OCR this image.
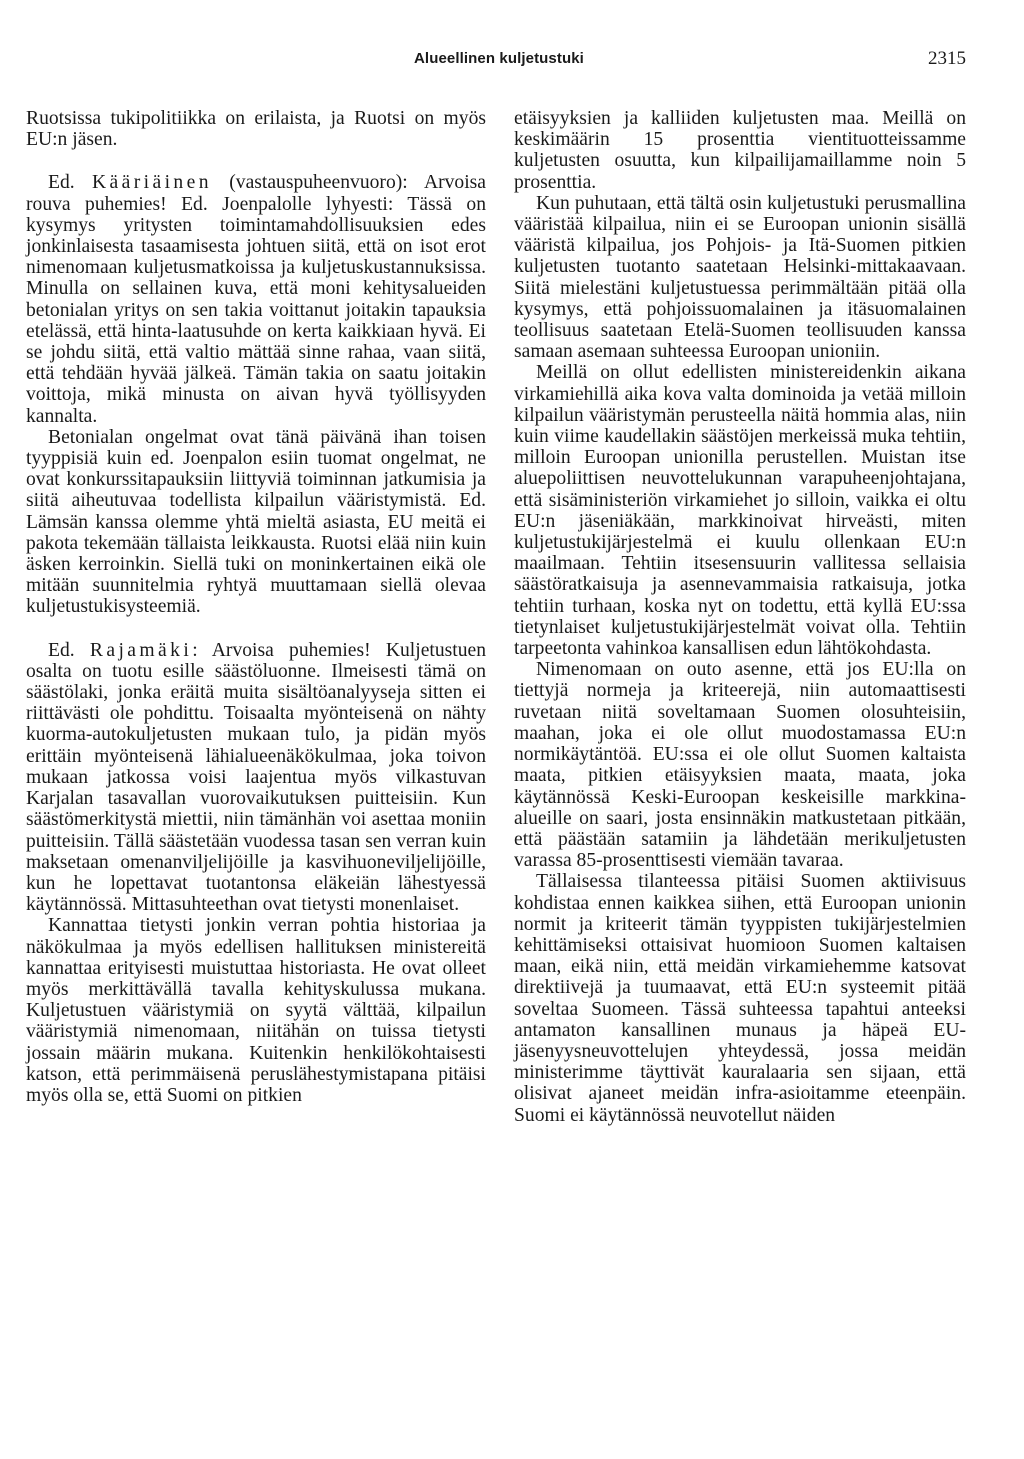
Alueellinen kuljetustuki	2315

Ruotsissa tukipolitiikka on erilaista, ja Ruotsi on myös EU:n jäsen.

Ed. Kääriäinen (vastauspuheenvuoro): Arvoisa rouva puhemies! Ed. Joenpalolle lyhyesti: Tässä on kysymys yritysten toimintamahdollisuuksien edes jonkinlaisesta tasaamisesta johtuen siitä, että on isot erot nimenomaan kuljetusmatkoissa ja kuljetuskustannuksissa. Minulla on sellainen kuva, että moni kehitysalueiden betonialan yritys on sen takia voittanut joitakin tapauksia etelässä, että hinta-laatusuhde on kerta kaikkiaan hyvä. Ei se johdu siitä, että valtio mättää sinne rahaa, vaan siitä, että tehdään hyvää jälkeä. Tämän takia on saatu joitakin voittoja, mikä minusta on aivan hyvä työllisyyden kannalta.

Betonialan ongelmat ovat tänä päivänä ihan toisen tyyppisiä kuin ed. Joenpalon esiin tuomat ongelmat, ne ovat konkurssitapauksiin liittyviä toiminnan jatkumisia ja siitä aiheutuvaa todellista kilpailun vääristymistä. Ed. Lämsän kanssa olemme yhtä mieltä asiasta, EU meitä ei pakota tekemään tällaista leikkausta. Ruotsi elää niin kuin äsken kerroinkin. Siellä tuki on moninkertainen eikä ole mitään suunnitelmia ryhtyä muuttamaan siellä olevaa kuljetustukisysteemiä.

Ed. Rajamäki: Arvoisa puhemies! Kuljetustuen osalta on tuotu esille säästöluonne. Ilmeisesti tämä on säästölaki, jonka eräitä muita sisältöanalyyseja sitten ei riittävästi ole pohdittu. Toisaalta myönteisenä on nähty kuorma-autokuljetusten mukaan tulo, ja pidän myös erittäin myönteisenä lähialueenäkökulmaa, joka toivon mukaan jatkossa voisi laajentua myös vilkastuvan Karjalan tasavallan vuorovaikutuksen puitteisiin. Kun säästömerkitystä miettii, niin tämänhän voi asettaa moniin puitteisiin. Tällä säästetään vuodessa tasan sen verran kuin maksetaan omenanviljelijöille ja kasvihuoneviljelijöille, kun he lopettavat tuotantonsa eläkeiän lähestyessä käytännössä. Mittasuhteethan ovat tietysti monenlaiset.

Kannattaa tietysti jonkin verran pohtia historiaa ja näkökulmaa ja myös edellisen hallituksen ministereitä kannattaa erityisesti muistuttaa historiasta. He ovat olleet myös merkittävällä tavalla kehityskulussa mukana. Kuljetustuen vääristymiä on syytä välttää, kilpailun vääristymiä nimenomaan, niitähän on tuissa tietysti jossain määrin mukana. Kuitenkin henkilökohtaisesti katson, että perimmäisenä peruslähestymistapana pitäisi myös olla se, että Suomi on pitkien

etäisyyksien ja kalliiden kuljetusten maa. Meillä on keskimäärin 15 prosenttia vientituotteissamme kuljetusten osuutta, kun kilpailijamaillamme noin 5 prosenttia.

Kun puhutaan, että tältä osin kuljetustuki perusmallina vääristää kilpailua, niin ei se Euroopan unionin sisällä vääristä kilpailua, jos Pohjois- ja Itä-Suomen pitkien kuljetusten tuotanto saatetaan Helsinki-mittakaavaan. Siitä mielestäni kuljetustuessa perimmältään pitää olla kysymys, että pohjoissuomalainen ja itäsuomalainen teollisuus saatetaan Etelä-Suomen teollisuuden kanssa samaan asemaan suhteessa Euroopan unioniin.

Meillä on ollut edellisten ministereidenkin aikana virkamiehillä aika kova valta dominoida ja vetää milloin kilpailun vääristymän perusteella näitä hommia alas, niin kuin viime kaudellakin säästöjen merkeissä muka tehtiin, milloin Euroopan unionilla perustellen. Muistan itse aluepoliittisen neuvottelukunnan varapuheenjohtajana, että sisäministeriön virkamiehet jo silloin, vaikka ei oltu EU:n jäseniäkään, markkinoivat hirveästi, miten kuljetustukijärjestelmä ei kuulu ollenkaan EU:n maailmaan. Tehtiin itsesensuurin vallitessa sellaisia säästöratkaisuja ja asennevammaisia ratkaisuja, jotka tehtiin turhaan, koska nyt on todettu, että kyllä EU:ssa tietynlaiset kuljetustukijärjestelmät voivat olla. Tehtiin tarpeetonta vahinkoa kansallisen edun lähtökohdasta.

Nimenomaan on outo asenne, että jos EU:lla on tiettyjä normeja ja kriteerejä, niin automaattisesti ruvetaan niitä soveltamaan Suomen olosuhteisiin, maahan, joka ei ole ollut muodostamassa EU:n normikäytäntöä. EU:ssa ei ole ollut Suomen kaltaista maata, pitkien etäisyyksien maata, maata, joka käytännössä Keski-Euroopan keskeisille markkina-alueille on saari, josta ensinnäkin matkustetaan pitkään, että päästään satamiin ja lähdetään merikuljetusten varassa 85-prosenttisesti viemään tavaraa.

Tällaisessa tilanteessa pitäisi Suomen aktiivisuus kohdistaa ennen kaikkea siihen, että Euroopan unionin normit ja kriteerit tämän tyyppisten tukijärjestelmien kehittämiseksi ottaisivat huomioon Suomen kaltaisen maan, eikä niin, että meidän virkamiehemme katsovat direktiivejä ja tuumaavat, että EU:n systeemit pitää soveltaa Suomeen. Tässä suhteessa tapahtui anteeksi antamaton kansallinen munaus ja häpeä EU-jäsenyysneuvottelujen yhteydessä, jossa meidän ministerimme täyttivät kauralaaria sen sijaan, että olisivat ajaneet meidän infra-asioitamme eteenpäin. Suomi ei käytännössä neuvotellut näiden
